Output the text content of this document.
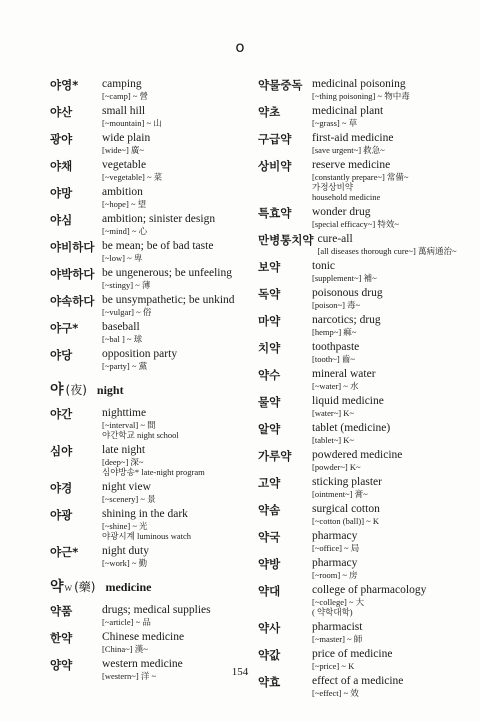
o
야영*	camping
[~camp] ~ 營
야산	small hill
[~mountain] ~ 山
광야	wide plain
[wide~] 廣~
야채	vegetable
[~vegetable] ~ 菜
야망	ambition
[~hope] ~ 望
야심	ambition; sinister design
[~mind] ~ 心
야비하다 be mean; be of bad taste
[~low] ~ 卑
야박하다 be ungenerous; be unfeeling
[~stingy] ~ 薄
야속하다 be unsympathetic; be unkind
[~vulgar] ~ 俗
야구*	baseball
[~bal ] ~ 球
야당	opposition party
[~party] ~ 黨
야 (夜) night
야간	nighttime
[~interval] ~ 間
야간학교 night school
심야	late night
[deep~] 深~
심야방송* late-night program
야경	night view
[~scenery] ~ 景
야광	shining in the dark
[~shine] ~ 光
야광시계 luminous watch
야근*	night duty
[~work] ~ 勤
약 W (藥) medicine
약품	drugs; medical supplies
[~article] ~ 品
한약	Chinese medicine
[China~] 漢~
양약	western medicine
[western~] 洋 ~
약물중독 medicinal poisoning
[~thing poisoning] ~ 物中毒
약초	medicinal plant
[~grass] ~ 草
구급약	first-aid medicine
[save urgent~] 救急~
상비약	reserve medicine
[constantly prepare~] 常備~
가정상비약
household medicine
특효약	wonder drug
[special efficacy~] 特效~
만병통치약 cure-all
[all diseases thorough cure~] 萬病通治~
보약	tonic
[supplement~] 補~
독약	poisonous drug
[poison~] 毒~
마약	narcotics; drug
[hemp~] 痲~
치약	toothpaste
[tooth~] 齒~
약수	mineral water
[~water] ~ 水
물약	liquid medicine
[water~] K~
알약	tablet (medicine)
[tablet~] K~
가루약	powdered medicine
[powder~] K~
고약	sticking plaster
[ointment~] 膏~
약솜	surgical cotton
[~cotton (ball)] ~ K
약국	pharmacy
[~office] ~ 局
약방	pharmacy
[~room] ~ 房
약대	college of pharmacology
[~college] ~ 大
( 약학대학)
약사	pharmacist
[~master] ~ 師
약값	price of medicine
[~price] ~ K
약효	effect of a medicine
[~effect] ~ 效
154
